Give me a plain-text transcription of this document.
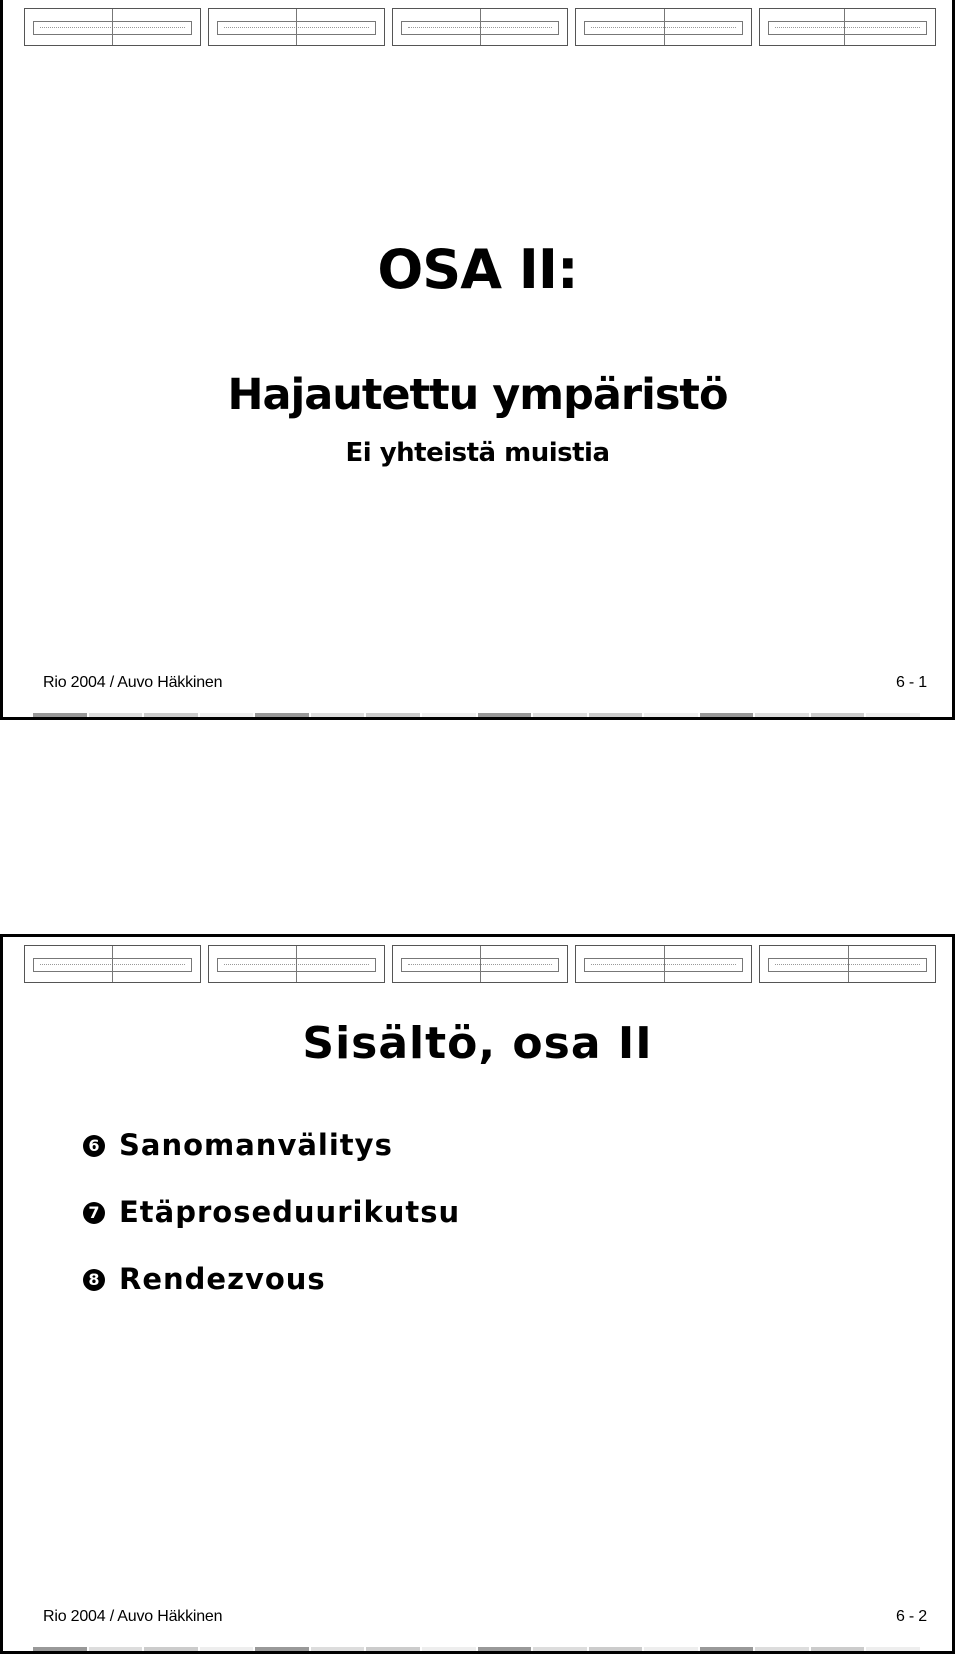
OSA II:
Hajautettu ympäristö
Ei yhteistä muistia
Rio 2004 / Auvo Häkkinen	6 - 1
Sisältö, osa II
6 Sanomanvälitys
7 Etäproseduurikutsu
8 Rendezvous
Rio 2004 / Auvo Häkkinen	6 - 2
